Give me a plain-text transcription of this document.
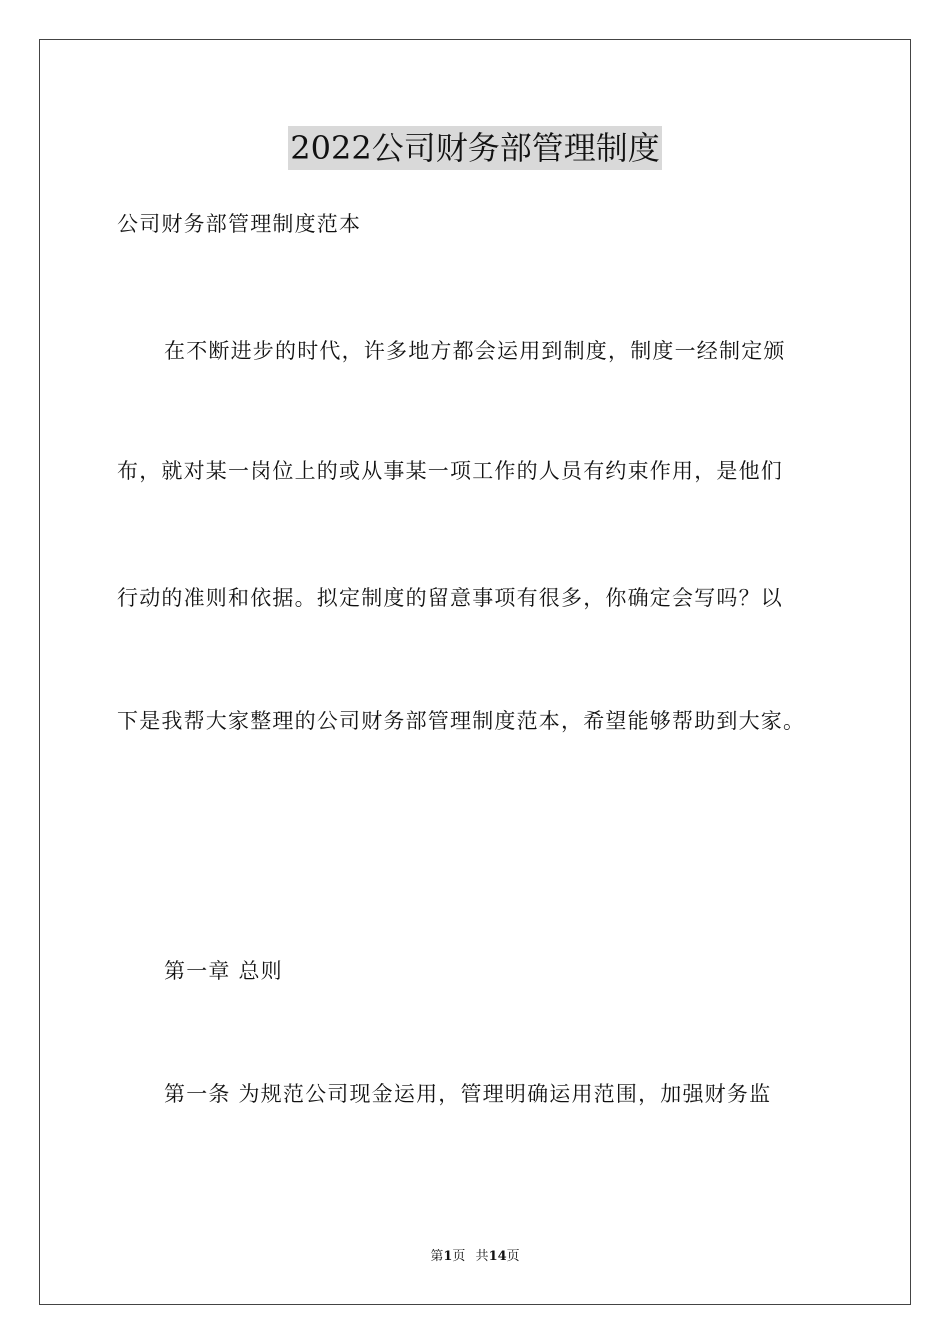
2022公司财务部管理制度
公司财务部管理制度范本
在不断进步的时代，许多地方都会运用到制度，制度一经制定颁
布，就对某一岗位上的或从事某一项工作的人员有约束作用，是他们
行动的准则和依据。拟定制度的留意事项有很多，你确定会写吗？以
下是我帮大家整理的公司财务部管理制度范本，希望能够帮助到大家。
第一章 总则
第一条 为规范公司现金运用，管理明确运用范围，加强财务监
第1页 共14页
